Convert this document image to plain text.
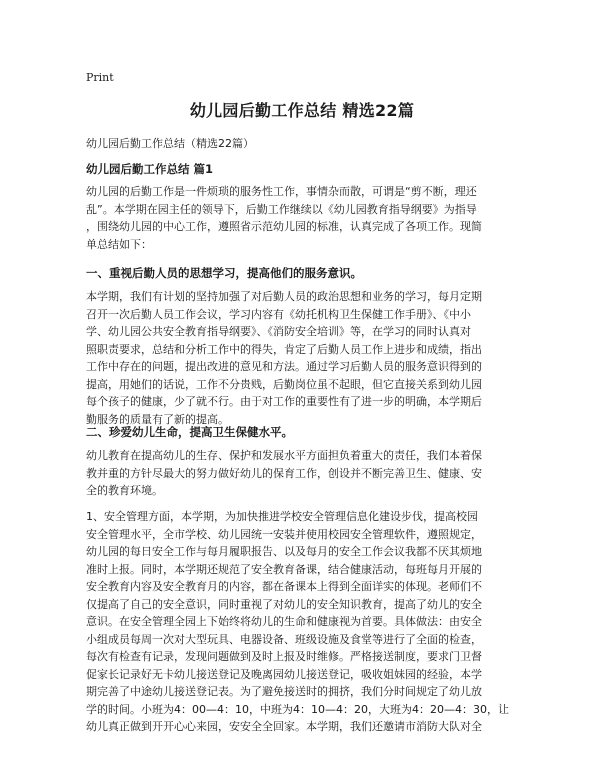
Print
幼儿园后勤工作总结 精选22篇
幼儿园后勤工作总结（精选22篇）
幼儿园后勤工作总结 篇1
幼儿园的后勤工作是一件烦琐的服务性工作，事情杂而散，可谓是“剪不断，理还
乱”。本学期在园主任的领导下，后勤工作继续以《幼儿园教育指导纲要》为指导
，围绕幼儿园的中心工作，遵照省示范幼儿园的标准，认真完成了各项工作。现简
单总结如下：
一、重视后勤人员的思想学习，提高他们的服务意识。
本学期，我们有计划的坚持加强了对后勤人员的政治思想和业务的学习，每月定期
召开一次后勤人员工作会议，学习内容有《幼托机构卫生保健工作手册》、《中小
学、幼儿园公共安全教育指导纲要》、《消防安全培训》等，在学习的同时认真对
照职责要求，总结和分析工作中的得失，肯定了后勤人员工作上进步和成绩，指出
工作中存在的问题，提出改进的意见和方法。通过学习后勤人员的服务意识得到的
提高，用她们的话说，工作不分贵贱，后勤岗位虽不起眼，但它直接关系到幼儿园
每个孩子的健康，少了就不行。由于对工作的重要性有了进一步的明确，本学期后
勤服务的质量有了新的提高。
二、珍爱幼儿生命，提高卫生保健水平。
幼儿教育在提高幼儿的生存、保护和发展水平方面担负着重大的责任，我们本着保
教并重的方针尽最大的努力做好幼儿的保育工作，创设并不断完善卫生、健康、安
全的教育环境。
1、安全管理方面，本学期，为加快推进学校安全管理信息化建设步伐，提高校园
安全管理水平，全市学校、幼儿园统一安装并使用校园安全管理软件，遵照规定，
幼儿园的每日安全工作与每月履职报告、以及每月的安全工作会议我都不厌其烦地
准时上报。同时，本学期还规范了安全教育备课，结合健康活动，每班每月开展的
安全教育内容及安全教育月的内容，都在备课本上得到全面详实的体现。老师们不
仅提高了自己的安全意识，同时重视了对幼儿的安全知识教育，提高了幼儿的安全
意识。在安全管理全园上下始终将幼儿的生命和健康视为首要。具体做法：由安全
小组成员每周一次对大型玩具、电器设备、班级设施及食堂等进行了全面的检查，
每次有检查有记录，发现问题做到及时上报及时维修。严格接送制度，要求门卫督
促家长记录好无卡幼儿接送登记及晚离园幼儿接送登记，吸收姐妹园的经验，本学
期完善了中途幼儿接送登记表。为了避免接送时的拥挤，我们分时间规定了幼儿放
学的时间。小班为4：00—4：10，中班为4：10—4：20，大班为4：20—4：30，让
幼儿真正做到开开心心来园，安安全全回家。本学期，我们还邀请市消防大队对全
